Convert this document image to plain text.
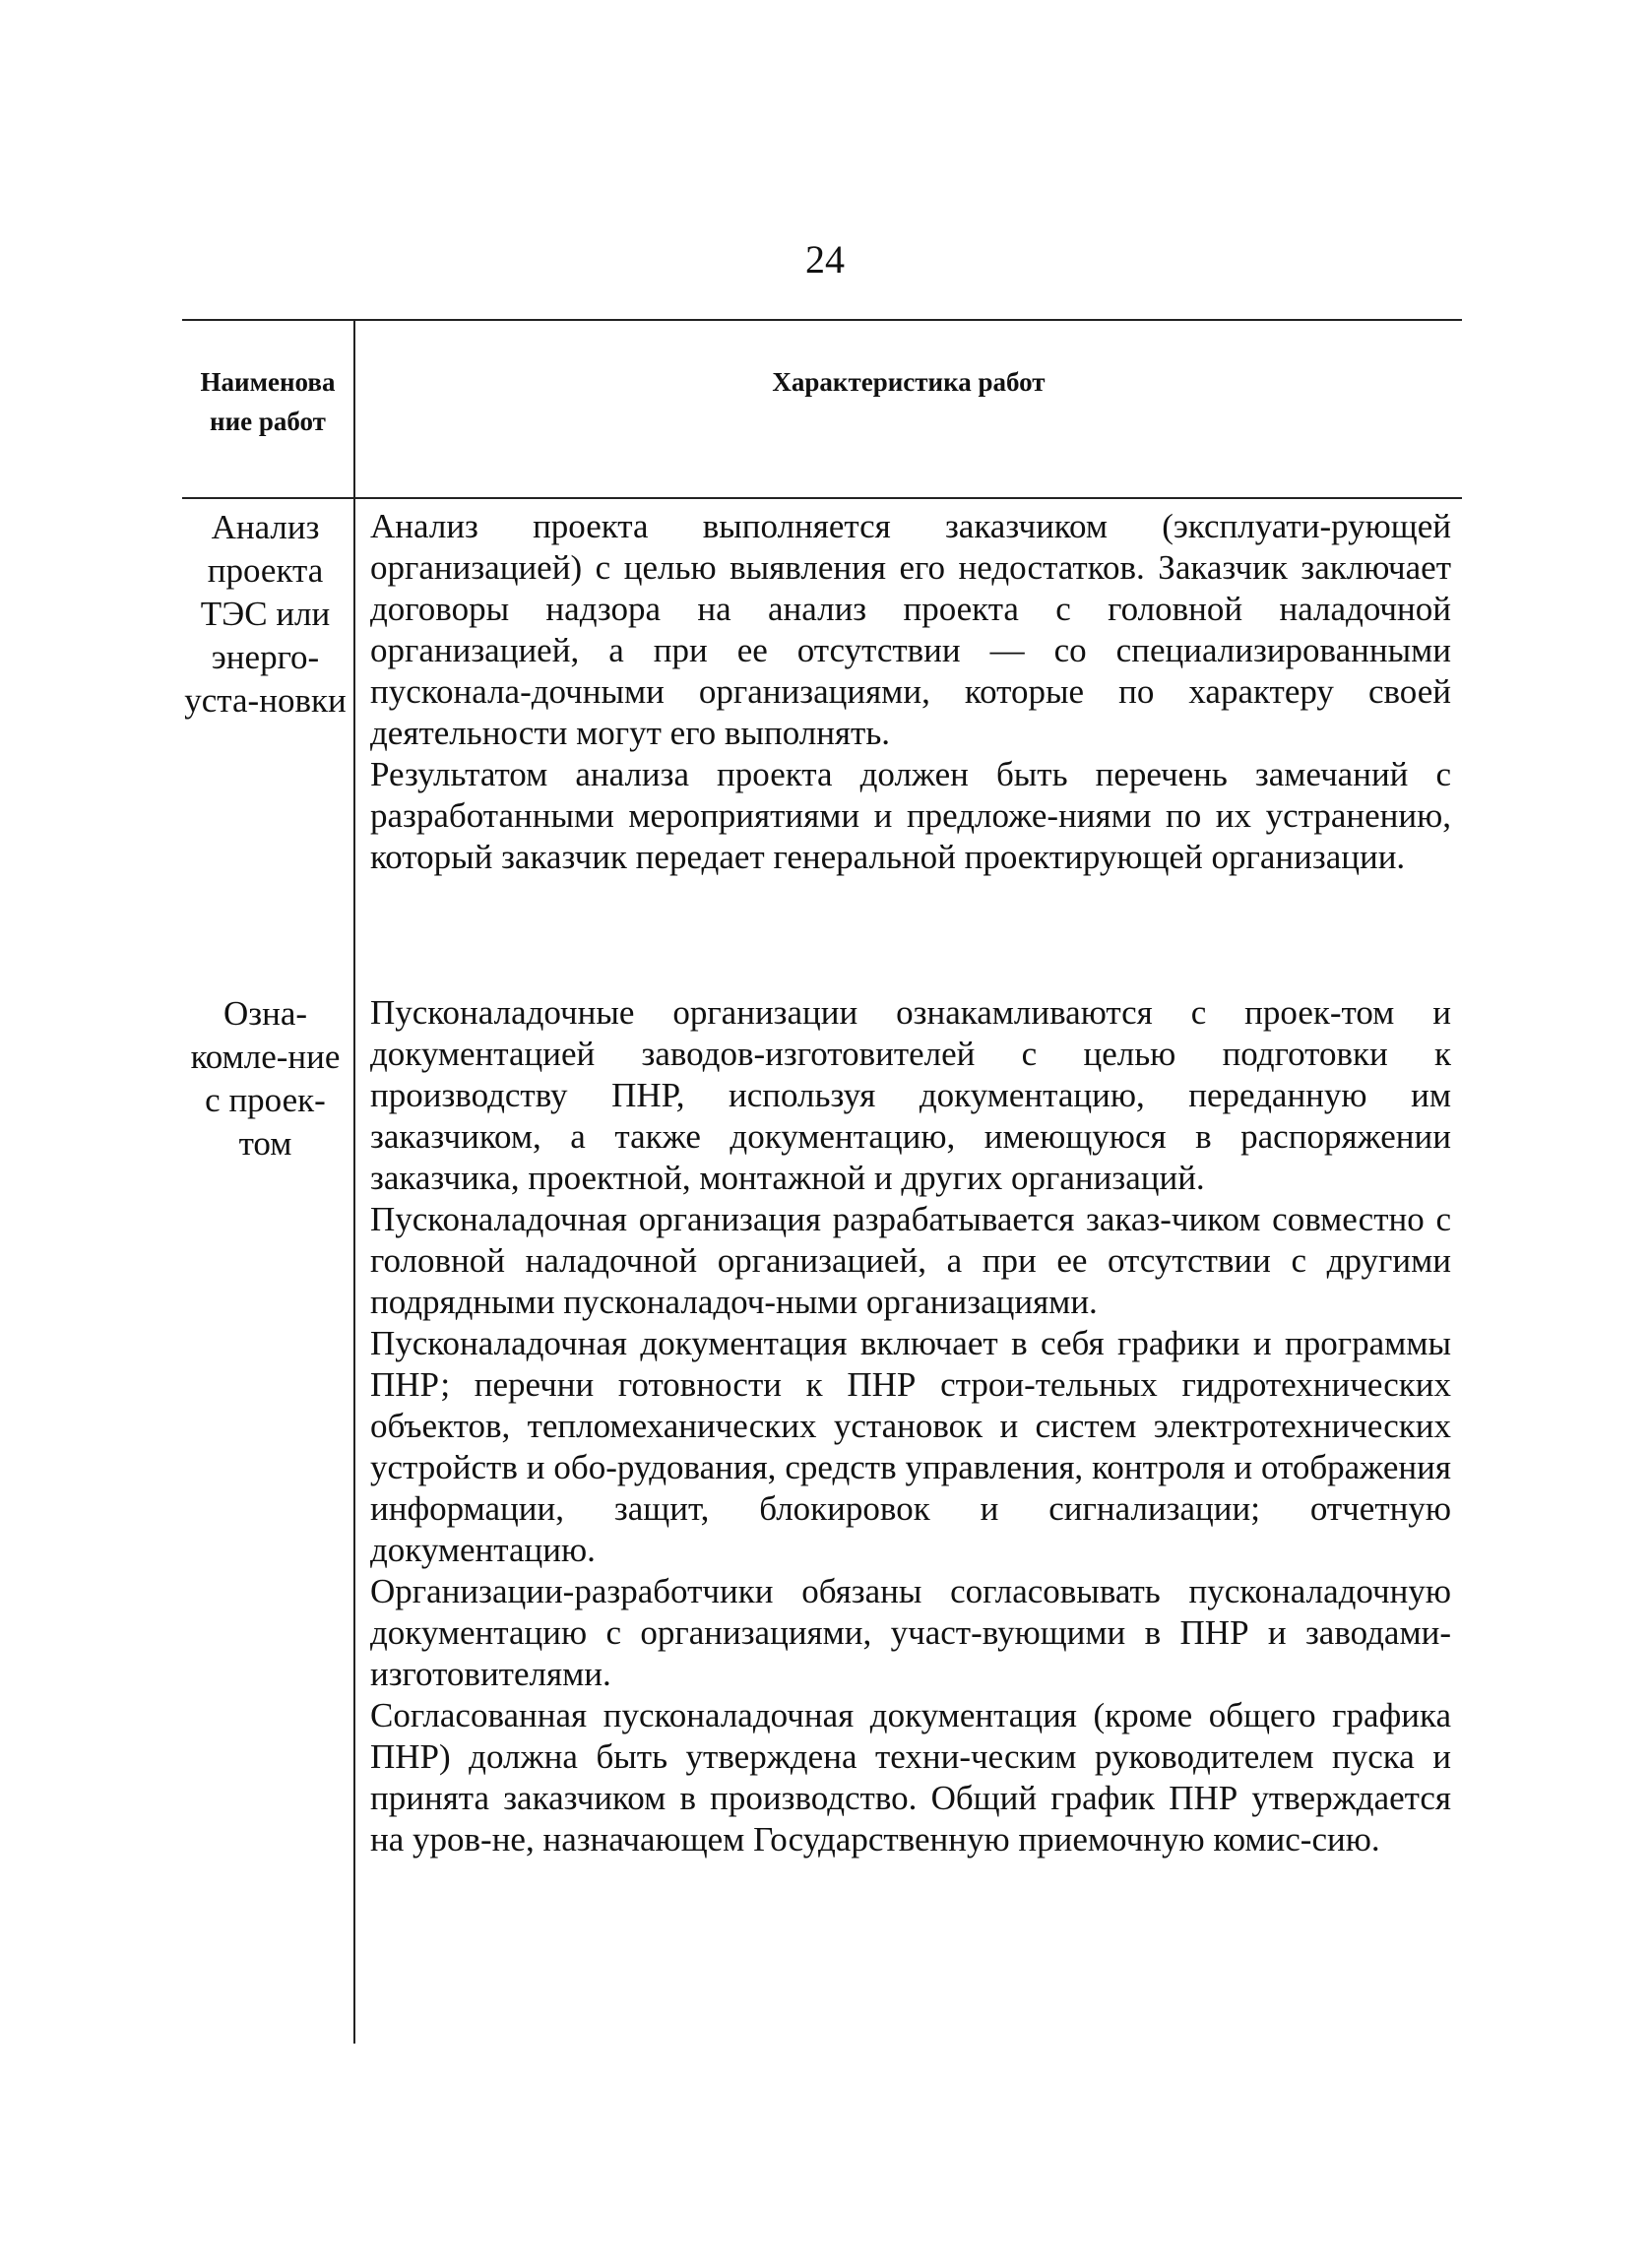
24
Наименова ние работ
Характеристика работ
Анализ проекта ТЭС или энерго-уста-новки

Анализ проекта выполняется заказчиком (эксплуати-рующей организацией) с целью выявления его недостатков. Заказчик заключает договоры надзора на анализ проекта с головной наладочной организацией, а при ее отсутствии — со специализированными пусконала-дочными организациями, которые по характеру своей деятельности могут его выполнять.

Результатом анализа проекта должен быть перечень замечаний с разработанными мероприятиями и предложе-ниями по их устранению, который заказчик передает генеральной проектирующей организации.

Озна-комле-ние с проек-том

Пусконаладочные организации ознакамливаются с проек-том и документацией заводов-изготовителей с целью подготовки к производству ПНР, используя документацию, переданную им заказчиком, а также документацию, имеющуюся в распоряжении заказчика, проектной, монтажной и других организаций.

Пусконаладочная организация разрабатывается заказ-чиком совместно с головной наладочной организацией, а при ее отсутствии с другими подрядными пусконаладоч-ными организациями.

Пусконаладочная документация включает в себя графики и программы ПНР; перечни готовности к ПНР строи-тельных гидротехнических объектов, тепломеханических установок и систем электротехнических устройств и обо-рудования, средств управления, контроля и отображения информации, защит, блокировок и сигнализации; отчетную документацию.

Организации-разработчики обязаны согласовывать пусконаладочную документацию с организациями, участ-вующими в ПНР и заводами-изготовителями.

Согласованная пусконаладочная документация (кроме общего графика ПНР) должна быть утверждена техни-ческим руководителем пуска и принята заказчиком в производство. Общий график ПНР утверждается на уров-не, назначающем Государственную приемочную комис-сию.
